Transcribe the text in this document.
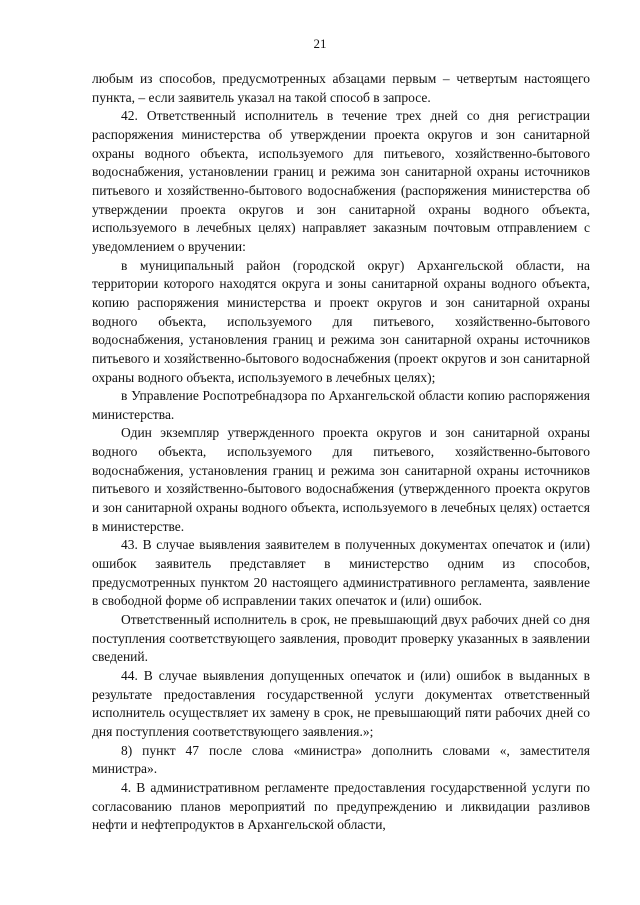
21

любым из способов, предусмотренных абзацами первым – четвертым настоящего пункта, – если заявитель указал на такой способ в запросе.

42. Ответственный исполнитель в течение трех дней со дня регистрации распоряжения министерства об утверждении проекта округов и зон санитарной охраны водного объекта, используемого для питьевого, хозяйственно-бытового водоснабжения, установлении границ и режима зон санитарной охраны источников питьевого и хозяйственно-бытового водоснабжения (распоряжения министерства об утверждении проекта округов и зон санитарной охраны водного объекта, используемого в лечебных целях) направляет заказным почтовым отправлением с уведомлением о вручении:

в муниципальный район (городской округ) Архангельской области, на территории которого находятся округа и зоны санитарной охраны водного объекта, копию распоряжения министерства и проект округов и зон санитарной охраны водного объекта, используемого для питьевого, хозяйственно-бытового водоснабжения, установления границ и режима зон санитарной охраны источников питьевого и хозяйственно-бытового водоснабжения (проект округов и зон санитарной охраны водного объекта, используемого в лечебных целях);

в Управление Роспотребнадзора по Архангельской области копию распоряжения министерства.

Один экземпляр утвержденного проекта округов и зон санитарной охраны водного объекта, используемого для питьевого, хозяйственно-бытового водоснабжения, установления границ и режима зон санитарной охраны источников питьевого и хозяйственно-бытового водоснабжения (утвержденного проекта округов и зон санитарной охраны водного объекта, используемого в лечебных целях) остается в министерстве.

43. В случае выявления заявителем в полученных документах опечаток и (или) ошибок заявитель представляет в министерство одним из способов, предусмотренных пунктом 20 настоящего административного регламента, заявление в свободной форме об исправлении таких опечаток и (или) ошибок.

Ответственный исполнитель в срок, не превышающий двух рабочих дней со дня поступления соответствующего заявления, проводит проверку указанных в заявлении сведений.

44. В случае выявления допущенных опечаток и (или) ошибок в выданных в результате предоставления государственной услуги документах ответственный исполнитель осуществляет их замену в срок, не превышающий пяти рабочих дней со дня поступления соответствующего заявления.»;

8) пункт 47 после слова «министра» дополнить словами «, заместителя министра».

4. В административном регламенте предоставления государственной услуги по согласованию планов мероприятий по предупреждению и ликвидации разливов нефти и нефтепродуктов в Архангельской области,
